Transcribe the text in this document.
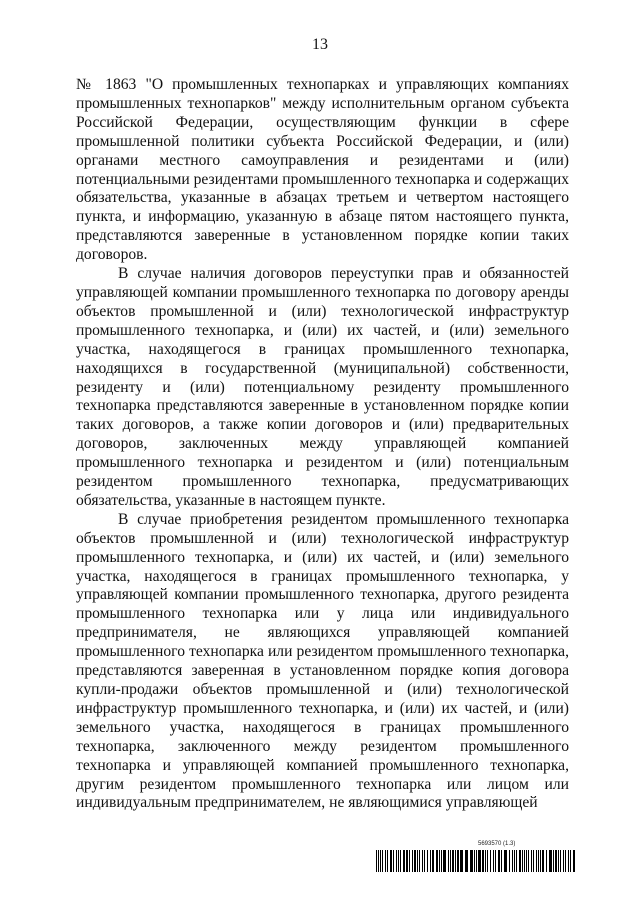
13

№ 1863 "О промышленных технопарках и управляющих компаниях промышленных технопарков" между исполнительным органом субъекта Российской Федерации, осуществляющим функции в сфере промышленной политики субъекта Российской Федерации, и (или) органами местного самоуправления и резидентами и (или) потенциальными резидентами промышленного технопарка и содержащих обязательства, указанные в абзацах третьем и четвертом настоящего пункта, и информацию, указанную в абзаце пятом настоящего пункта, представляются заверенные в установленном порядке копии таких договоров.

В случае наличия договоров переуступки прав и обязанностей управляющей компании промышленного технопарка по договору аренды объектов промышленной и (или) технологической инфраструктур промышленного технопарка, и (или) их частей, и (или) земельного участка, находящегося в границах промышленного технопарка, находящихся в государственной (муниципальной) собственности, резиденту и (или) потенциальному резиденту промышленного технопарка представляются заверенные в установленном порядке копии таких договоров, а также копии договоров и (или) предварительных договоров, заключенных между управляющей компанией промышленного технопарка и резидентом и (или) потенциальным резидентом промышленного технопарка, предусматривающих обязательства, указанные в настоящем пункте.

В случае приобретения резидентом промышленного технопарка объектов промышленной и (или) технологической инфраструктур промышленного технопарка, и (или) их частей, и (или) земельного участка, находящегося в границах промышленного технопарка, у управляющей компании промышленного технопарка, другого резидента промышленного технопарка или у лица или индивидуального предпринимателя, не являющихся управляющей компанией промышленного технопарка или резидентом промышленного технопарка, представляются заверенная в установленном порядке копия договора купли-продажи объектов промышленной и (или) технологической инфраструктур промышленного технопарка, и (или) их частей, и (или) земельного участка, находящегося в границах промышленного технопарка, заключенного между резидентом промышленного технопарка и управляющей компанией промышленного технопарка, другим резидентом промышленного технопарка или лицом или индивидуальным предпринимателем, не являющимися управляющей

5693570 (1.3)
